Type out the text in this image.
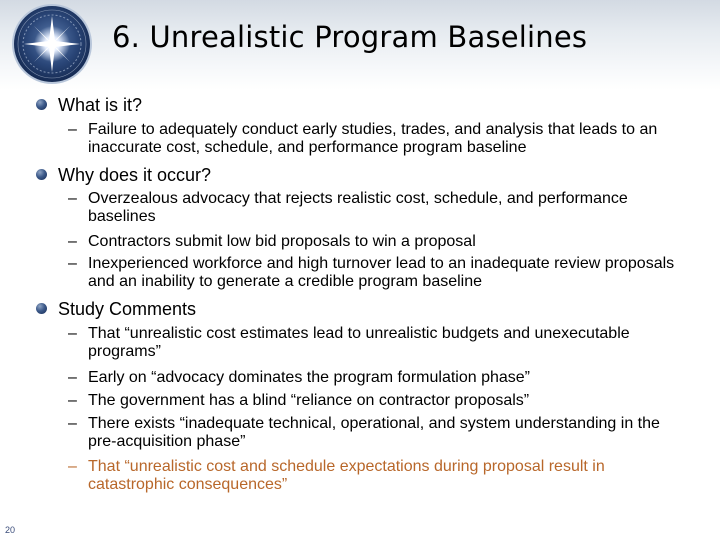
6. Unrealistic Program Baselines
What is it?
– Failure to adequately conduct early studies, trades, and analysis that leads to an inaccurate cost, schedule, and performance program baseline
Why does it occur?
– Overzealous advocacy that rejects realistic cost, schedule, and performance baselines
– Contractors submit low bid proposals to win a proposal
– Inexperienced workforce and high turnover lead to an inadequate review proposals and an inability to generate a credible program baseline
Study Comments
– That “unrealistic cost estimates lead to unrealistic budgets and unexecutable programs”
– Early on “advocacy dominates the program formulation phase”
– The government has a blind “reliance on contractor proposals”
– There exists “inadequate technical, operational, and system understanding in the pre-acquisition phase”
– That “unrealistic cost and schedule expectations during proposal result in catastrophic consequences”
20
